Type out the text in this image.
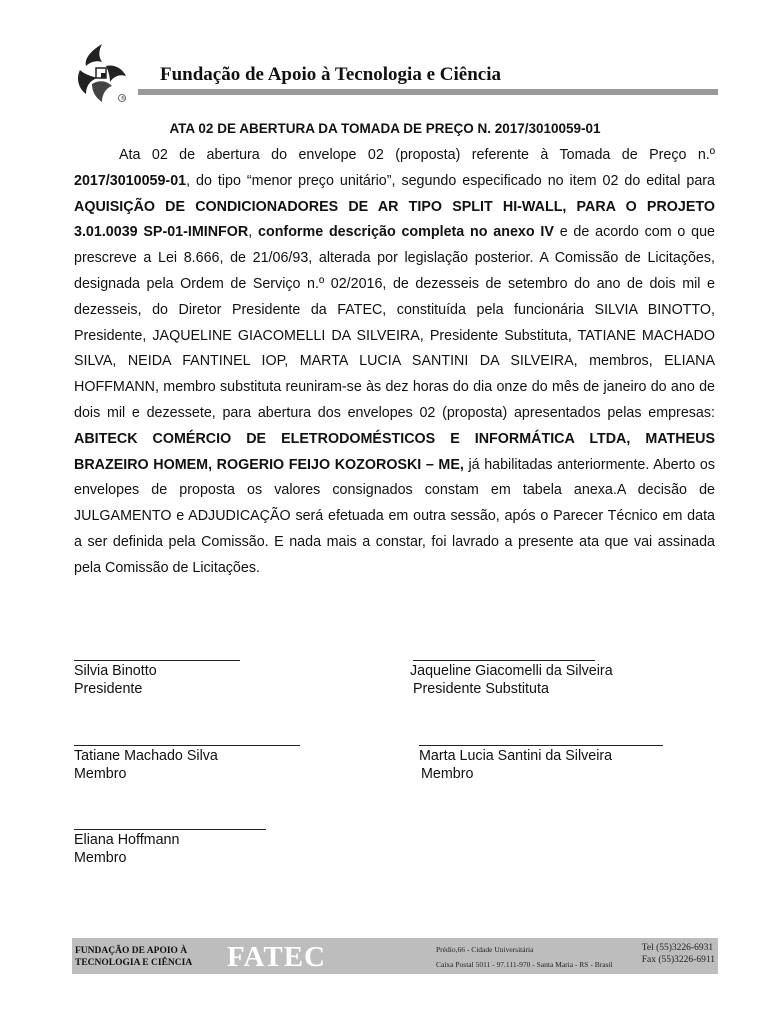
®
Fundação de Apoio à Tecnologia e Ciência
ATA 02 DE ABERTURA DA TOMADA DE PREÇO N. 2017/3010059-01
Ata 02 de abertura do envelope 02 (proposta) referente à Tomada de Preço n.º 2017/3010059-01, do tipo “menor preço unitário”, segundo especificado no item 02 do edital para AQUISIÇÃO DE CONDICIONADORES DE AR TIPO SPLIT HI-WALL, PARA O PROJETO 3.01.0039 SP-01-IMINFOR, conforme descrição completa no anexo IV e de acordo com o que prescreve a Lei 8.666, de 21/06/93, alterada por legislação posterior. A Comissão de Licitações, designada pela Ordem de Serviço n.º 02/2016, de dezesseis de setembro do ano de dois mil e dezesseis, do Diretor Presidente da FATEC, constituída pela funcionária SILVIA BINOTTO, Presidente, JAQUELINE GIACOMELLI DA SILVEIRA, Presidente Substituta, TATIANE MACHADO SILVA, NEIDA FANTINEL IOP, MARTA LUCIA SANTINI DA SILVEIRA, membros, ELIANA HOFFMANN, membro substituta reuniram-se às dez horas do dia onze do mês de janeiro do ano de dois mil e dezessete, para abertura dos envelopes 02 (proposta) apresentados pelas empresas: ABITECK COMÉRCIO DE ELETRODOMÉSTICOS E INFORMÁTICA LTDA, MATHEUS BRAZEIRO HOMEM, ROGERIO FEIJO KOZOROSKI – ME, já habilitadas anteriormente. Aberto os envelopes de proposta os valores consignados constam em tabela anexa.A decisão de JULGAMENTO e ADJUDICAÇÃO será efetuada em outra sessão, após o Parecer Técnico em data a ser definida pela Comissão. E nada mais a constar, foi lavrado a presente ata que vai assinada pela Comissão de Licitações.
Silvia Binotto
Presidente
Jaqueline Giacomelli da Silveira
Presidente Substituta
Tatiane Machado Silva
Membro
Marta Lucia Santini da Silveira
Membro
Eliana Hoffmann
Membro
FUNDAÇÃO DE APOIO À
TECNOLOGIA E CIÊNCIA FATEC	Prédio,66 - Cidade Universitária
Caixa Postal 5011 - 97.111-970 - Santa Maria - RS - Brasil
Tel (55)3226-6931
Fax (55)3226-6911
